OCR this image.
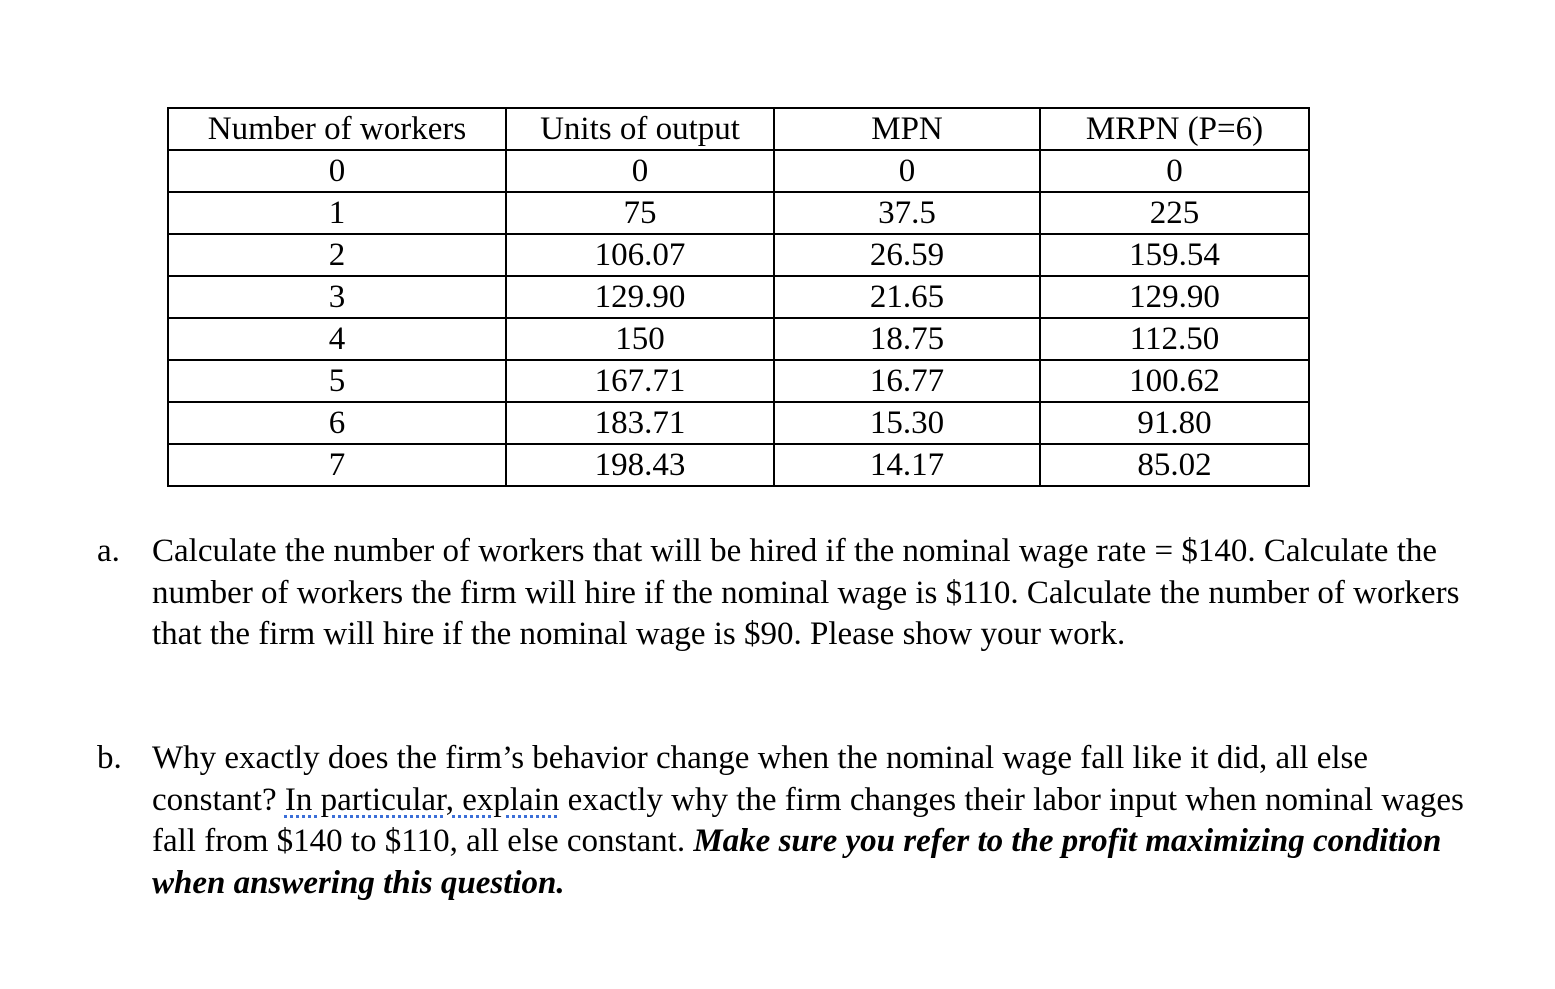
Number of workers	Units of output	MPN	MRPN (P=6)
0	0	0	0
1	75	37.5	225
2	106.07	26.59	159.54
3	129.90	21.65	129.90
4	150	18.75	112.50
5	167.71	16.77	100.62
6	183.71	15.30	91.80
7	198.43	14.17	85.02
a. Calculate the number of workers that will be hired if the nominal wage rate = $140. Calculate the number of workers the firm will hire if the nominal wage is $110. Calculate the number of workers that the firm will hire if the nominal wage is $90. Please show your work.
b. Why exactly does the firm’s behavior change when the nominal wage fall like it did, all else constant? In particular, explain exactly why the firm changes their labor input when nominal wages fall from $140 to $110, all else constant. Make sure you refer to the profit maximizing condition when answering this question.
